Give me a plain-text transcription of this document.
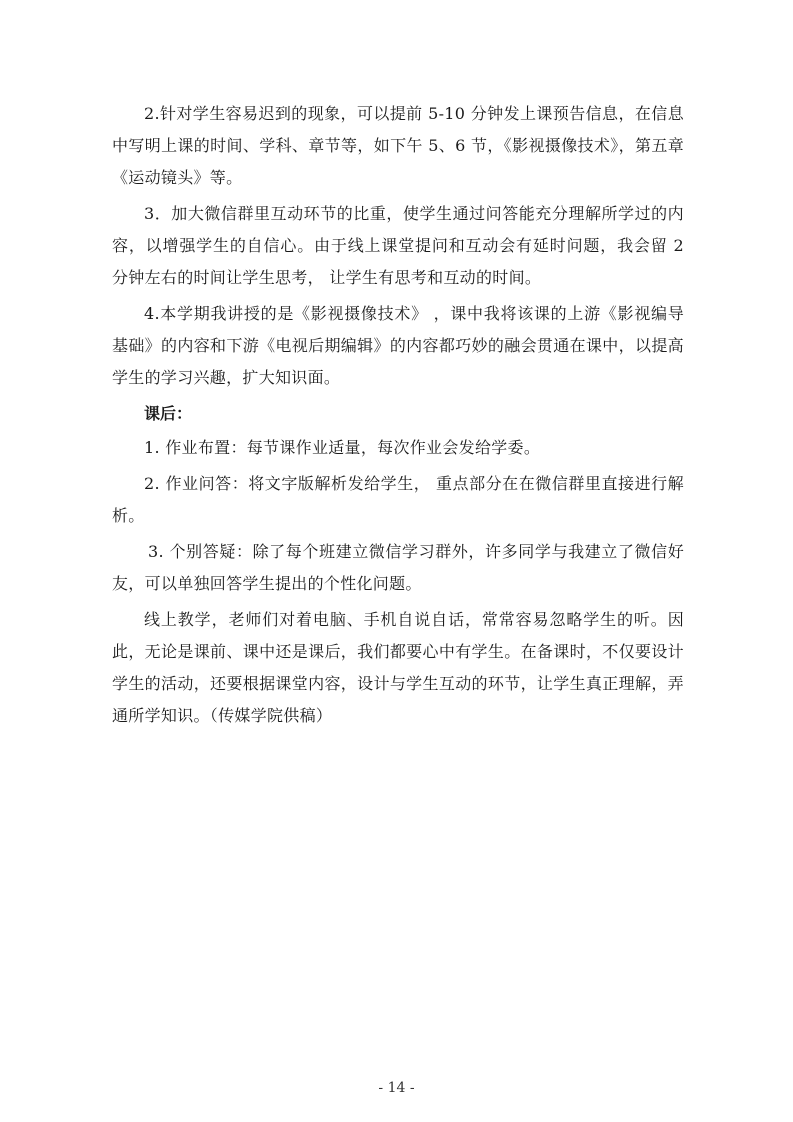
2.针对学生容易迟到的现象，可以提前 5-10 分钟发上课预告信息，在信息中写明上课的时间、学科、章节等，如下午 5、6 节，《影视摄像技术》，第五章《运动镜头》等。

3．加大微信群里互动环节的比重，使学生通过问答能充分理解所学过的内容，以增强学生的自信心。由于线上课堂提问和互动会有延时问题，我会留 2 分钟左右的时间让学生思考， 让学生有思考和互动的时间。

4.本学期我讲授的是《影视摄像技术》 ，课中我将该课的上游《影视编导基础》的内容和下游《电视后期编辑》的内容都巧妙的融会贯通在课中，以提高学生的学习兴趣，扩大知识面。

课后：

1. 作业布置：每节课作业适量，每次作业会发给学委。

2. 作业问答：将文字版解析发给学生， 重点部分在在微信群里直接进行解析。

3. 个别答疑：除了每个班建立微信学习群外，许多同学与我建立了微信好友，可以单独回答学生提出的个性化问题。

线上教学，老师们对着电脑、手机自说自话，常常容易忽略学生的听。因此，无论是课前、课中还是课后，我们都要心中有学生。在备课时，不仅要设计学生的活动，还要根据课堂内容，设计与学生互动的环节，让学生真正理解，弄通所学知识。（传媒学院供稿）

- 14 -
